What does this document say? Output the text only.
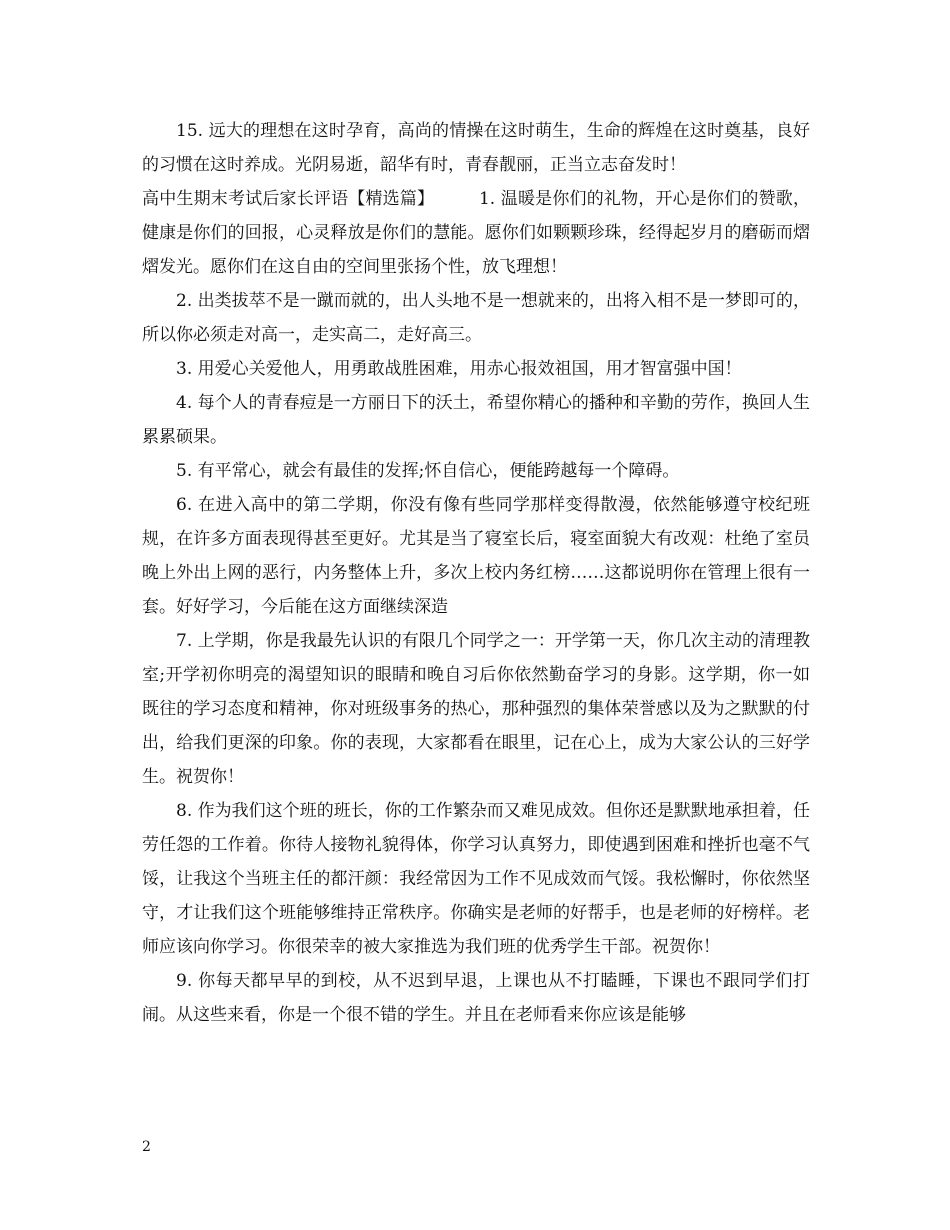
15. 远大的理想在这时孕育，高尚的情操在这时萌生，生命的辉煌在这时奠基，良好的习惯在这时养成。光阴易逝，韶华有时，青春靓丽，正当立志奋发时！

高中生期末考试后家长评语【精选篇】        1. 温暖是你们的礼物，开心是你们的赞歌，健康是你们的回报，心灵释放是你们的慧能。愿你们如颗颗珍珠，经得起岁月的磨砺而熠熠发光。愿你们在这自由的空间里张扬个性，放飞理想！

2. 出类拔萃不是一蹴而就的，出人头地不是一想就来的，出将入相不是一梦即可的，所以你必须走对高一，走实高二，走好高三。

3. 用爱心关爱他人，用勇敢战胜困难，用赤心报效祖国，用才智富强中国！

4. 每个人的青春痘是一方丽日下的沃土，希望你精心的播种和辛勤的劳作，换回人生累累硕果。

5. 有平常心，就会有最佳的发挥;怀自信心，便能跨越每一个障碍。

6. 在进入高中的第二学期，你没有像有些同学那样变得散漫，依然能够遵守校纪班规，在许多方面表现得甚至更好。尤其是当了寝室长后，寝室面貌大有改观：杜绝了室员晚上外出上网的恶行，内务整体上升，多次上校内务红榜……这都说明你在管理上很有一套。好好学习，今后能在这方面继续深造

7. 上学期，你是我最先认识的有限几个同学之一：开学第一天，你几次主动的清理教室;开学初你明亮的渴望知识的眼睛和晚自习后你依然勤奋学习的身影。这学期，你一如既往的学习态度和精神，你对班级事务的热心，那种强烈的集体荣誉感以及为之默默的付出，给我们更深的印象。你的表现，大家都看在眼里，记在心上，成为大家公认的三好学生。祝贺你！

8. 作为我们这个班的班长，你的工作繁杂而又难见成效。但你还是默默地承担着，任劳任怨的工作着。你待人接物礼貌得体，你学习认真努力，即使遇到困难和挫折也毫不气馁，让我这个当班主任的都汗颜：我经常因为工作不见成效而气馁。我松懈时，你依然坚守，才让我们这个班能够维持正常秩序。你确实是老师的好帮手，也是老师的好榜样。老师应该向你学习。你很荣幸的被大家推选为我们班的优秀学生干部。祝贺你！

9. 你每天都早早的到校，从不迟到早退，上课也从不打瞌睡，下课也不跟同学们打闹。从这些来看，你是一个很不错的学生。并且在老师看来你应该是能够

2
